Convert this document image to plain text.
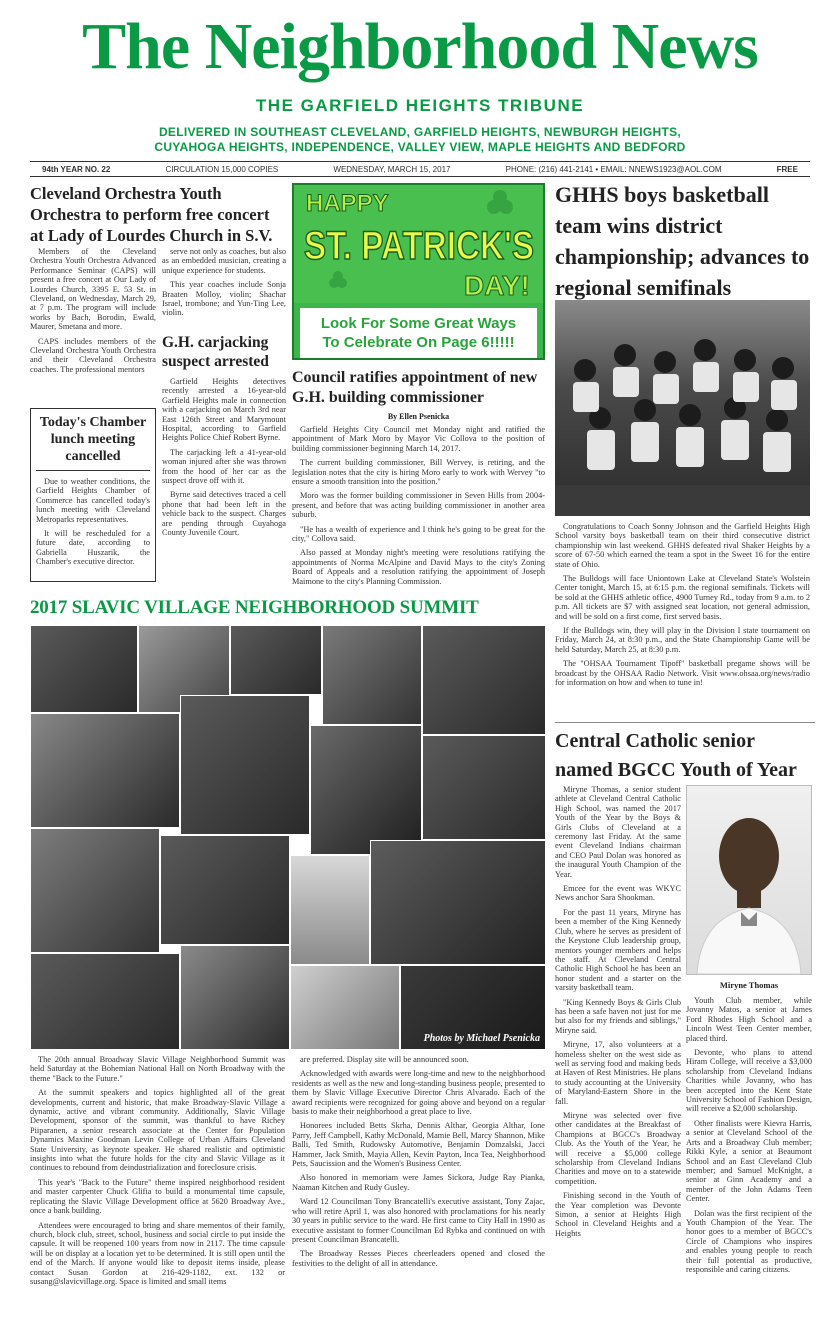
The Neighborhood News
THE GARFIELD HEIGHTS TRIBUNE
DELIVERED IN SOUTHEAST CLEVELAND, GARFIELD HEIGHTS, NEWBURGH HEIGHTS,
CUYAHOGA HEIGHTS, INDEPENDENCE, VALLEY VIEW, MAPLE HEIGHTS AND BEDFORD
94th YEAR NO. 22	CIRCULATION 15,000 COPIES	WEDNESDAY, MARCH 15, 2017	PHONE: (216) 441-2141 • EMAIL: NNEWS1923@AOL.COM	FREE
Cleveland Orchestra Youth Orchestra to perform free concert at Lady of Lourdes Church in S.V.

Members of the Cleveland Orchestra Youth Orchestra Advanced Performance Seminar (CAPS) will present a free concert at Our Lady of Lourdes Church, 3395 E. 53 St. in Cleveland, on Wednesday, March 29, at 7 p.m. The program will include works by Bach, Borodin, Ewald, Maurer, Smetana and more.

CAPS includes members of the Cleveland Orchestra Youth Orchestra and their Cleveland Orchestra coaches. The professional mentors

serve not only as coaches, but also as an embedded musician, creating a unique experience for students.

This year coaches include Sonja Braaten Molloy, violin; Shachar Israel, trombone; and Yun-Ting Lee, violin.

Today's Chamber lunch meeting cancelled

Due to weather conditions, the Garfield Heights Chamber of Commerce has cancelled today's lunch meeting with Cleveland Metroparks representatives.

It will be rescheduled for a future date, according to Gabriella Huszarik, the Chamber's executive director.

G.H. carjacking suspect arrested

Garfield Heights detectives recently arrested a 16-year-old Garfield Heights male in connection with a carjacking on March 3rd near East 126th Street and Marymount Hospital, according to Garfield Heights Police Chief Robert Byrne.

The carjacking left a 41-year-old woman injured after she was thrown from the hood of her car as the suspect drove off with it.

Byrne said detectives traced a cell phone that had been left in the vehicle back to the suspect. Charges are pending through Cuyahoga County Juvenile Court.

HAPPY
ST. PATRICK'S
DAY!
Look For Some Great Ways
To Celebrate On Page 6!!!!!
Council ratifies appointment of new G.H. building commissioner
By Ellen Psenicka

Garfield Heights City Council met Monday night and ratified the appointment of Mark Moro by Mayor Vic Collova to the position of building commissioner beginning March 14, 2017.

The current building commissioner, Bill Wervey, is retiring, and the legislation notes that the city is hiring Moro early to work with Wervey "to ensure a smooth transition into the position."

Moro was the former building commissioner in Seven Hills from 2004-present, and before that was acting building commissioner in another area suburb.

"He has a wealth of experience and I think he's going to be great for the city," Collova said.

Also passed at Monday night's meeting were resolutions ratifying the appointments of Norma McAlpine and David Mays to the city's Zoning Board of Appeals and a resolution ratifying the appointment of Joseph Maimone to the city's Planning Commission.

GHHS boys basketball team wins district championship; advances to regional semifinals

Congratulations to Coach Sonny Johnson and the Garfield Heights High School varsity boys basketball team on their third consecutive district championship win last weekend. GHHS defeated rival Shaker Heights by a score of 67-50 which earned the team a spot in the Sweet 16 for the entire state of Ohio.

The Bulldogs will face Uniontown Lake at Cleveland State's Wolstein Center tonight, March 15, at 6:15 p.m. the regional semifinals. Tickets will be sold at the GHHS athletic office, 4900 Turney Rd., today from 9 a.m. to 2 p.m. All tickets are $7 with assigned seat location, not general admission, and will be sold on a first come, first served basis.

If the Bulldogs win, they will play in the Division I state tournament on Friday, March 24, at 8:30 p.m., and the State Championship Game will be held Saturday, March 25, at 8:30 p.m.

The "OHSAA Tournament Tipoff" basketball pregame shows will be broadcast by the OHSAA Radio Network. Visit www.ohsaa.org/news/radio for information on how and when to tune in!

2017 SLAVIC VILLAGE NEIGHBORHOOD SUMMIT
Photos by Michael Psenicka

The 20th annual Broadway Slavic Village Neighborhood Summit was held Saturday at the Bohemian National Hall on North Broadway with the theme "Back to the Future."

At the summit speakers and topics highlighted all of the great developments, current and historic, that make Broadway-Slavic Village a dynamic, active and vibrant community. Additionally, Slavic Village Development, sponsor of the summit, was thankful to have Richey Piiparanen, a senior research associate at the Center for Population Dynamics Maxine Goodman Levin College of Urban Affairs Cleveland State University, as keynote speaker. He shared realistic and optimistic insights into what the future holds for the city and Slavic Village as it continues to rebound from deindustrialization and foreclosure crisis.

This year's "Back to the Future" theme inspired neighborhood resident and master carpenter Chuck Glifia to build a monumental time capsule, replicating the Slavic Village Development office at 5620 Broadway Ave., once a bank building.

Attendees were encouraged to bring and share mementos of their family, church, block club, street, school, business and social circle to put inside the capsule. It will be reopened 100 years from now in 2117. The time capsule will be on display at a location yet to be determined. It is still open until the end of the March. If anyone would like to deposit items inside, please contact Susan Gordon at 216-429-1182, ext. 132 or susang@slavicvillage.org. Space is limited and small items

are preferred. Display site will be announced soon.

Acknowledged with awards were long-time and new to the neighborhood residents as well as the new and long-standing business people, presented to them by Slavic Village Executive Director Chris Alvarado. Each of the award recipients were recognized for going above and beyond on a regular basis to make their neighborhood a great place to live.

Honorees included Betts Skrha, Dennis Althar, Georgia Althar, Ione Parry, Jeff Campbell, Kathy McDonald, Mamie Bell, Marcy Shannon, Mike Balli, Ted Smith, Rudowsky Automotive, Benjamin Domzalski, Jacci Hammer, Jack Smith, Mayia Allen, Kevin Payton, Inca Tea, Neighborhood Pets, Saucission and the Women's Business Center.

Also honored in memoriam were James Sickora, Judge Ray Pianka, Naaman Kitchen and Rudy Gusley.

Ward 12 Councilman Tony Brancatelli's executive assistant, Tony Zajac, who will retire April 1, was also honored with proclamations for his nearly 30 years in public service to the ward. He first came to City Hall in 1990 as executive assistant to former Councilman Ed Rybka and continued on with present Councilman Brancatelli.

The Broadway Resses Pieces cheerleaders opened and closed the festivities to the delight of all in attendance.

Central Catholic senior named BGCC Youth of Year

Miryne Thomas, a senior student athlete at Cleveland Central Catholic High School, was named the 2017 Youth of the Year by the Boys & Girls Clubs of Cleveland at a ceremony last Friday. At the same event Cleveland Indians chairman and CEO Paul Dolan was honored as the inaugural Youth Champion of the Year.

Emcee for the event was WKYC News anchor Sara Shookman.

For the past 11 years, Miryne has been a member of the King Kennedy Club, where he serves as president of the Keystone Club leadership group, mentors younger members and helps the staff. At Cleveland Central Catholic High School he has been an honor student and a starter on the varsity basketball team.

"King Kennedy Boys & Girls Club has been a safe haven not just for me but also for my friends and siblings," Miryne said.

Miryne, 17, also volunteers at a homeless shelter on the west side as well as serving food and making beds at Haven of Rest Ministries. He plans to study accounting at the University of Maryland-Eastern Shore in the fall.

Miryne was selected over five other candidates at the Breakfast of Champions at BGCC's Broadway Club. As the Youth of the Year, he will receive a $5,000 college scholarship from Cleveland Indians Charities and move on to a statewide competition.

Finishing second in the Youth of the Year completion was Devonte Simon, a senior at Heights High School in Cleveland Heights and a Heights

Miryne Thomas

Youth Club member, while Jovanny Matos, a senior at James Ford Rhodes High School and a Lincoln West Teen Center member, placed third.

Devonte, who plans to attend Hiram College, will receive a $3,000 scholarship from Cleveland Indians Charities while Jovanny, who has been accepted into the Kent State University School of Fashion Design, will receive a $2,000 scholarship.

Other finalists were Kievra Harris, a senior at Cleveland School of the Arts and a Broadway Club member; Rikki Kyle, a senior at Beaumont School and an East Cleveland Club member; and Samuel McKnight, a senior at Ginn Academy and a member of the John Adams Teen Center.

Dolan was the first recipient of the Youth Champion of the Year. The honor goes to a member of BGCC's Circle of Champions who inspires and enables young people to reach their full potential as productive, responsible and caring citizens.
